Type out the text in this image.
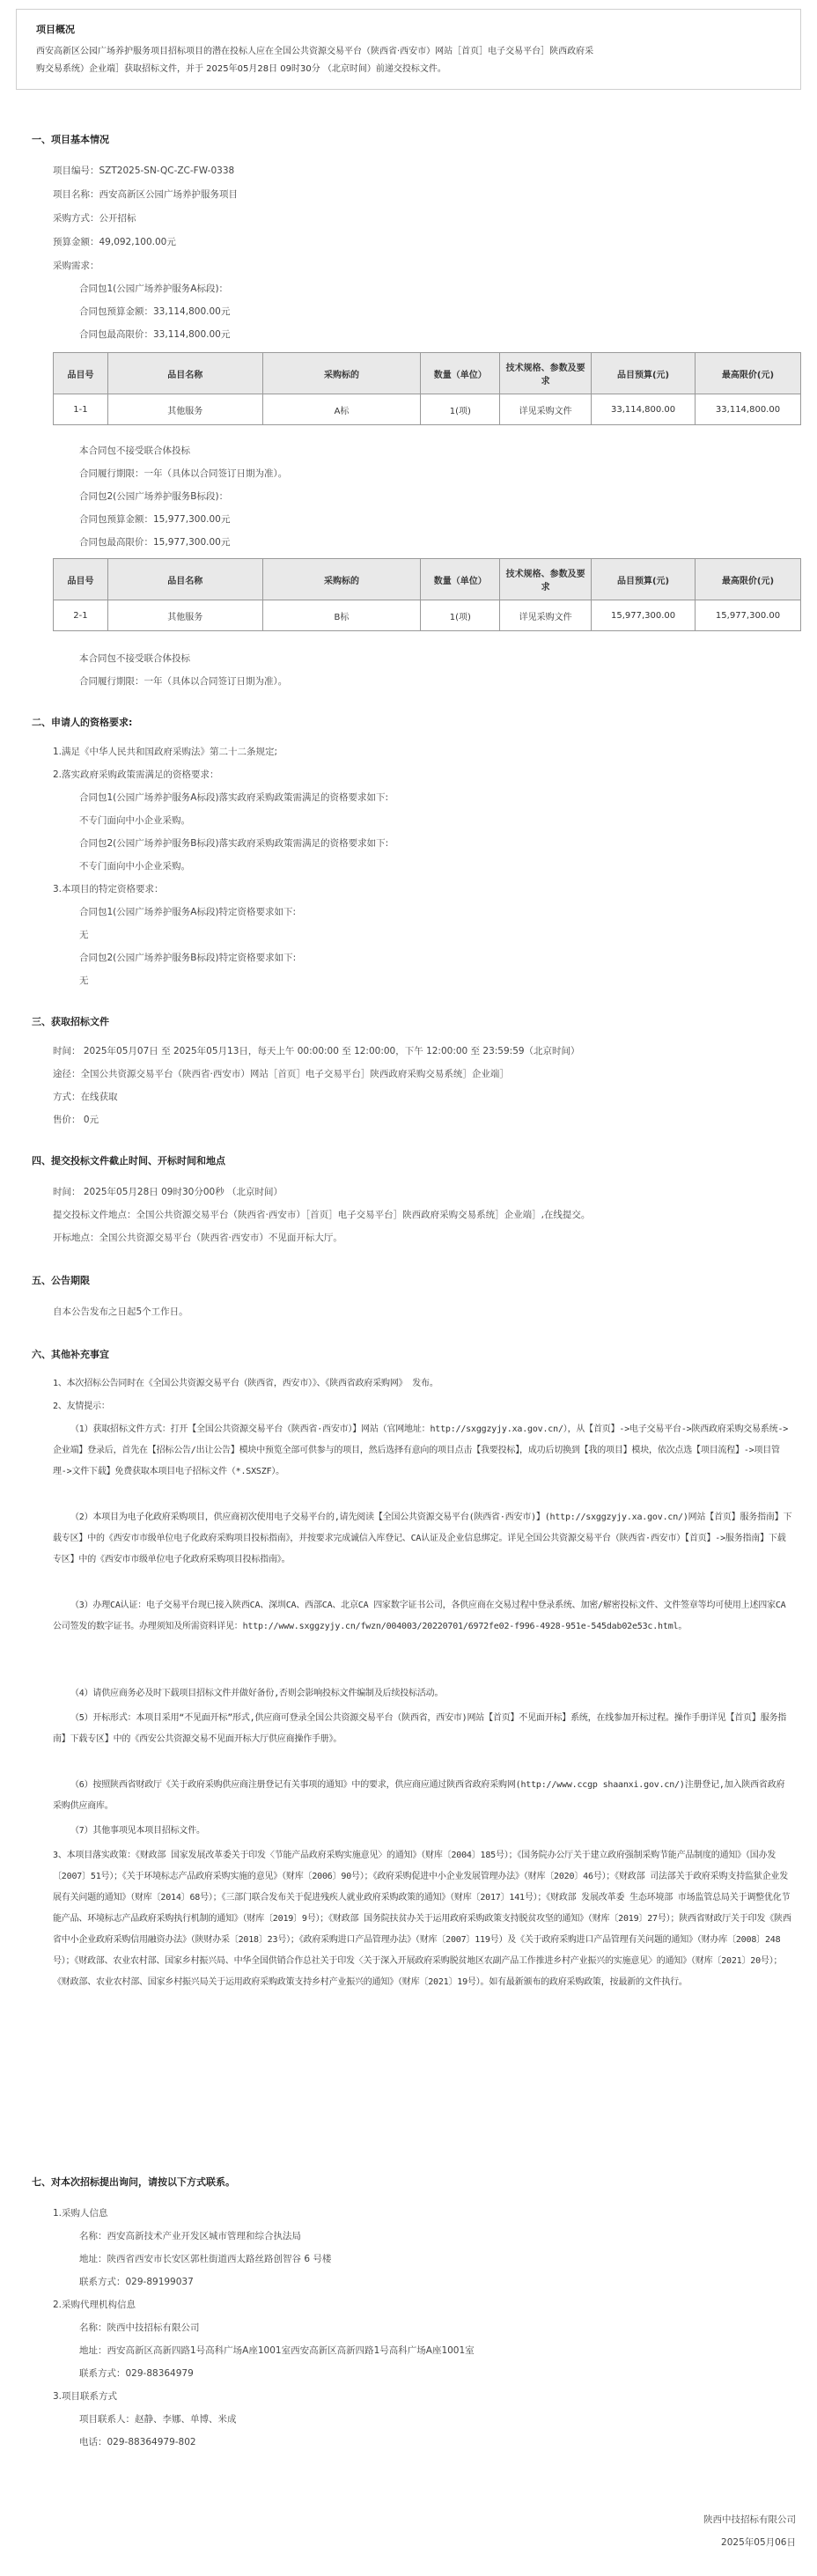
项目概况
西安高新区公园广场养护服务项目招标项目的潜在投标人应在全国公共资源交易平台（陕西省·西安市）网站［首页］电子交易平台］陕西政府采
购交易系统）企业端］获取招标文件，并于 2025年05月28日 09时30分 （北京时间）前递交投标文件。
一、项目基本情况
项目编号：SZT2025-SN-QC-ZC-FW-0338
项目名称：西安高新区公园广场养护服务项目
采购方式：公开招标
预算金额：49,092,100.00元
采购需求：
合同包1(公园广场养护服务A标段)：
合同包预算金额：33,114,800.00元
合同包最高限价：33,114,800.00元
品目号	品目名称	采购标的	数量（单位）	技术规格、参数及要求	品目预算(元)	最高限价(元)
1-1	其他服务	A标	1(项)	详见采购文件	33,114,800.00	33,114,800.00
本合同包不接受联合体投标
合同履行期限：一年（具体以合同签订日期为准）。
合同包2(公园广场养护服务B标段)：
合同包预算金额：15,977,300.00元
合同包最高限价：15,977,300.00元
品目号	品目名称	采购标的	数量（单位）	技术规格、参数及要求	品目预算(元)	最高限价(元)
2-1	其他服务	B标	1(项)	详见采购文件	15,977,300.00	15,977,300.00
本合同包不接受联合体投标
合同履行期限：一年（具体以合同签订日期为准）。
二、申请人的资格要求:
1.满足《中华人民共和国政府采购法》第二十二条规定;
2.落实政府采购政策需满足的资格要求：
合同包1(公园广场养护服务A标段)落实政府采购政策需满足的资格要求如下:
不专门面向中小企业采购。
合同包2(公园广场养护服务B标段)落实政府采购政策需满足的资格要求如下:
不专门面向中小企业采购。
3.本项目的特定资格要求：
合同包1(公园广场养护服务A标段)特定资格要求如下:
无
合同包2(公园广场养护服务B标段)特定资格要求如下:
无
三、获取招标文件
时间： 2025年05月07日 至 2025年05月13日，每天上午 00:00:00 至 12:00:00，下午 12:00:00 至 23:59:59（北京时间）
途径：全国公共资源交易平台（陕西省·西安市）网站［首页］电子交易平台］陕西政府采购交易系统］企业端］
方式：在线获取
售价： 0元
四、提交投标文件截止时间、开标时间和地点
时间： 2025年05月28日 09时30分00秒 （北京时间）
提交投标文件地点：全国公共资源交易平台（陕西省·西安市）［首页］电子交易平台］陕西政府采购交易系统］企业端］,在线提交。
开标地点：全国公共资源交易平台（陕西省·西安市）不见面开标大厅。
五、公告期限
自本公告发布之日起5个工作日。
六、其他补充事宜
1、本次招标公告同时在《全国公共资源交易平台（陕西省，西安市）》、《陕西省政府采购网》 发布。
2、友情提示：
（1）获取招标文件方式：打开【全国公共资源交易平台（陕西省·西安市）】网站（官网地址：http://sxggzyjy.xa.gov.cn/），从【首页】->电子交易平台->陕西政府采购交易系统->企业端】登录后，首先在【招标公告/出让公告】模块中预览全部可供参与的项目，然后选择有意向的项目点击【我要投标】，成功后切换到【我的项目】模块，依次点选【项目流程】->项目管理->文件下载】免费获取本项目电子招标文件（*.SXSZF）。
（2）本项目为电子化政府采购项目，供应商初次使用电子交易平台的,请先阅读【全国公共资源交易平台(陕西省·西安市)】(http://sxggzyjy.xa.gov.cn/)网站【首页】服务指南】下载专区】中的《西安市市级单位电子化政府采购项目投标指南》，并按要求完成诚信入库登记、CA认证及企业信息绑定。详见全国公共资源交易平台（陕西省·西安市）【首页】->服务指南】下载专区】中的《西安市市级单位电子化政府采购项目投标指南》。
（3）办理CA认证：电子交易平台现已接入陕西CA、深圳CA、西部CA、北京CA 四家数字证书公司，各供应商在交易过程中登录系统、加密/解密投标文件、文件签章等均可使用上述四家CA公司签发的数字证书。办理须知及所需资料详见：http://www.sxggzyjy.cn/fwzn/004003/20220701/6972fe02-f996-4928-951e-545dab02e53c.html。
（4）请供应商务必及时下载项目招标文件并做好备份,否则会影响投标文件编制及后续投标活动。
（5）开标形式：本项目采用“不见面开标”形式,供应商可登录全国公共资源交易平台（陕西省，西安市)网站【首页】不见面开标】系统，在线参加开标过程。操作手册详见【首页】服务指南】下载专区】中的《西安公共资源交易不见面开标大厅供应商操作手册》。
（6）按照陕西省财政厅《关于政府采购供应商注册登记有关事项的通知》中的要求，供应商应通过陕西省政府采购网(http://www.ccgp shaanxi.gov.cn/)注册登记,加入陕西省政府采购供应商库。
（7）其他事项见本项目招标文件。
3、本项目落实政策：《财政部 国家发展改革委关于印发〈节能产品政府采购实施意见〉的通知》（财库〔2004〕185号）；《国务院办公厅关于建立政府强制采购节能产品制度的通知》（国办发〔2007〕51号）；《关于环境标志产品政府采购实施的意见》（财库〔2006〕90号）；《政府采购促进中小企业发展管理办法》（财库〔2020〕46号）；《财政部 司法部关于政府采购支持监狱企业发展有关问题的通知》（财库〔2014〕68号）；《三部门联合发布关于促进残疾人就业政府采购政策的通知》（财库〔2017〕141号）；《财政部 发展改革委 生态环境部 市场监管总局关于调整优化节能产品、环境标志产品政府采购执行机制的通知》（财库〔2019〕9号）；《财政部 国务院扶贫办关于运用政府采购政策支持脱贫攻坚的通知》（财库〔2019〕27号）；陕西省财政厅关于印发《陕西省中小企业政府采购信用融资办法》（陕财办采〔2018〕23号）；《政府采购进口产品管理办法》（财库〔2007〕119号）及《关于政府采购进口产品管理有关问题的通知》（财办库〔2008〕248号）；《财政部、农业农村部、国家乡村振兴局、中华全国供销合作总社关于印发〈关于深入开展政府采购脱贫地区农副产品工作推进乡村产业振兴的实施意见〉的通知》（财库〔2021〕20号）；《财政部、农业农村部、国家乡村振兴局关于运用政府采购政策支持乡村产业振兴的通知》（财库〔2021〕19号）。如有最新颁布的政府采购政策，按最新的文件执行。
七、对本次招标提出询问，请按以下方式联系。
1.采购人信息
名称：西安高新技术产业开发区城市管理和综合执法局
地址：陕西省西安市长安区郭杜街道西太路丝路创智谷 6 号楼
联系方式：029-89199037
2.采购代理机构信息
名称：陕西中技招标有限公司
地址：西安高新区高新四路1号高科广场A座1001室西安高新区高新四路1号高科广场A座1001室
联系方式：029-88364979
3.项目联系方式
项目联系人：赵静、李娜、单博、米成
电话：029-88364979-802
陕西中技招标有限公司
2025年05月06日
